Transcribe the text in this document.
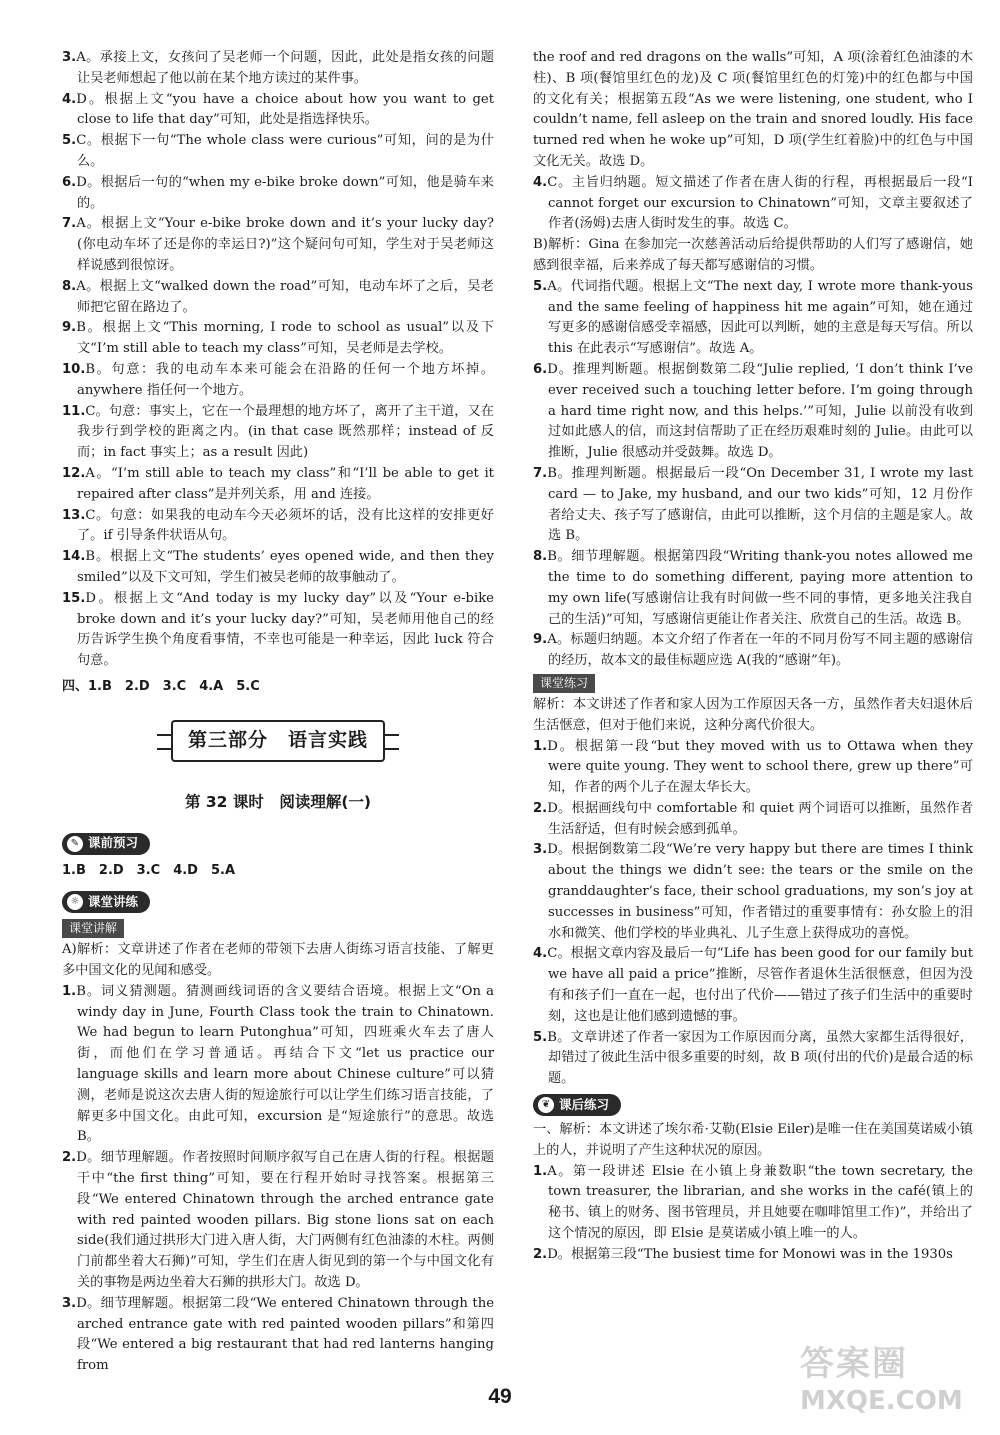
3.A。承接上文，女孩问了吴老师一个问题，因此，此处是指女孩的问题让吴老师想起了他以前在某个地方读过的某件事。

4.D。根据上文“you have a choice about how you want to get close to life that day”可知，此处是指选择快乐。

5.C。根据下一句“The whole class were curious”可知，问的是为什么。

6.D。根据后一句的“when my e-bike broke down”可知，他是骑车来的。

7.A。根据上文“Your e-bike broke down and it’s your lucky day?(你电动车坏了还是你的幸运日?)”这个疑问句可知，学生对于吴老师这样说感到很惊讶。

8.A。根据上文“walked down the road”可知，电动车坏了之后，吴老师把它留在路边了。

9.B。根据上文“This morning, I rode to school as usual”以及下文“I’m still able to teach my class”可知，吴老师是去学校。

10.B。句意：我的电动车本来可能会在沿路的任何一个地方坏掉。anywhere 指任何一个地方。

11.C。句意：事实上，它在一个最理想的地方坏了，离开了主干道，又在我步行到学校的距离之内。(in that case 既然那样；instead of 反而；in fact 事实上；as a result 因此)

12.A。“I’m still able to teach my class”和“I’ll be able to get it repaired after class”是并列关系，用 and 连接。

13.C。句意：如果我的电动车今天必须坏的话，没有比这样的安排更好了。if 引导条件状语从句。

14.B。根据上文“The students’ eyes opened wide, and then they smiled”以及下文可知，学生们被吴老师的故事触动了。

15.D。根据上文“And today is my lucky day”以及“Your e-bike broke down and it’s your lucky day?”可知，吴老师用他自己的经历告诉学生换个角度看事情，不幸也可能是一种幸运，因此 luck 符合句意。

四、1.B　2.D　3.C　4.A　5.C
第三部分　语言实践
第 32 课时　阅读理解(一)
✎ 课前预习
1.B　2.D　3.C　4.D　5.A
☼ 课堂讲练
课堂讲解

A)解析：文章讲述了作者在老师的带领下去唐人街练习语言技能、了解更多中国文化的见闻和感受。

1.B。词义猜测题。猜测画线词语的含义要结合语境。根据上文“On a windy day in June, Fourth Class took the train to Chinatown. We had begun to learn Putonghua”可知，四班乘火车去了唐人街，而他们在学习普通话。再结合下文“let us practice our language skills and learn more about Chinese culture”可以猜测，老师是说这次去唐人街的短途旅行可以让学生们练习语言技能，了解更多中国文化。由此可知，excursion 是“短途旅行”的意思。故选 B。

2.D。细节理解题。作者按照时间顺序叙写自己在唐人街的行程。根据题干中“the first thing”可知，要在行程开始时寻找答案。根据第三段“We entered Chinatown through the arched entrance gate with red painted wooden pillars. Big stone lions sat on each side(我们通过拱形大门进入唐人街，大门两侧有红色油漆的木柱。两侧门前都坐着大石狮)”可知，学生们在唐人街见到的第一个与中国文化有关的事物是两边坐着大石狮的拱形大门。故选 D。

3.D。细节理解题。根据第二段“We entered Chinatown through the arched entrance gate with red painted wooden pillars”和第四段“We entered a big restaurant that had red lanterns hanging from

the roof and red dragons on the walls”可知，A 项(涂着红色油漆的木柱)、B 项(餐馆里红色的龙)及 C 项(餐馆里红色的灯笼)中的红色都与中国的文化有关；根据第五段“As we were listening, one student, who I couldn’t name, fell asleep on the train and snored loudly. His face turned red when he woke up”可知，D 项(学生红着脸)中的红色与中国文化无关。故选 D。

4.C。主旨归纳题。短文描述了作者在唐人街的行程，再根据最后一段“I cannot forget our excursion to Chinatown”可知，文章主要叙述了作者(汤姆)去唐人街时发生的事。故选 C。

B)解析：Gina 在参加完一次慈善活动后给提供帮助的人们写了感谢信，她感到很幸福，后来养成了每天都写感谢信的习惯。

5.A。代词指代题。根据上文“The next day, I wrote more thank-yous and the same feeling of happiness hit me again”可知，她在通过写更多的感谢信感受幸福感，因此可以判断，她的主意是每天写信。所以 this 在此表示“写感谢信”。故选 A。

6.D。推理判断题。根据倒数第二段“Julie replied, ‘I don’t think I’ve ever received such a touching letter before. I’m going through a hard time right now, and this helps.’”可知，Julie 以前没有收到过如此感人的信，而这封信帮助了正在经历艰难时刻的 Julie。由此可以推断，Julie 很感动并受鼓舞。故选 D。

7.B。推理判断题。根据最后一段“On December 31, I wrote my last card — to Jake, my husband, and our two kids”可知，12 月份作者给丈夫、孩子写了感谢信，由此可以推断，这个月信的主题是家人。故选 B。

8.B。细节理解题。根据第四段“Writing thank-you notes allowed me the time to do something different, paying more attention to my own life(写感谢信让我有时间做一些不同的事情，更多地关注我自己的生活)”可知，写感谢信更能让作者关注、欣赏自己的生活。故选 B。

9.A。标题归纳题。本文介绍了作者在一年的不同月份写不同主题的感谢信的经历，故本文的最佳标题应选 A(我的“感谢”年)。

课堂练习

解析：本文讲述了作者和家人因为工作原因天各一方，虽然作者夫妇退休后生活惬意，但对于他们来说，这种分离代价很大。

1.D。根据第一段“but they moved with us to Ottawa when they were quite young. They went to school there, grew up there”可知，作者的两个儿子在渥太华长大。

2.D。根据画线句中 comfortable 和 quiet 两个词语可以推断，虽然作者生活舒适，但有时候会感到孤单。

3.D。根据倒数第二段“We’re very happy but there are times I think about the things we didn’t see: the tears or the smile on the granddaughter’s face, their school graduations, my son’s joy at successes in business”可知，作者错过的重要事情有：孙女脸上的泪水和微笑、他们学校的毕业典礼、儿子生意上获得成功的喜悦。

4.C。根据文章内容及最后一句“Life has been good for our family but we have all paid a price”推断，尽管作者退休生活很惬意，但因为没有和孩子们一直在一起，也付出了代价——错过了孩子们生活中的重要时刻，这也是让他们感到遗憾的事。

5.B。文章讲述了作者一家因为工作原因而分离，虽然大家都生活得很好，却错过了彼此生活中很多重要的时刻，故 B 项(付出的代价)是最合适的标题。

❦ 课后练习

一、解析：本文讲述了埃尔希·艾勒(Elsie Eiler)是唯一住在美国莫诺威小镇上的人，并说明了产生这种状况的原因。

1.A。第一段讲述 Elsie 在小镇上身兼数职“the town secretary, the town treasurer, the librarian, and she works in the café(镇上的秘书、镇上的财务、图书管理员，并且她要在咖啡馆里工作)”，并给出了这个情况的原因，即 Elsie 是莫诺威小镇上唯一的人。

2.D。根据第三段“The busiest time for Monowi was in the 1930s

49
答案圈
MXQE.COM
